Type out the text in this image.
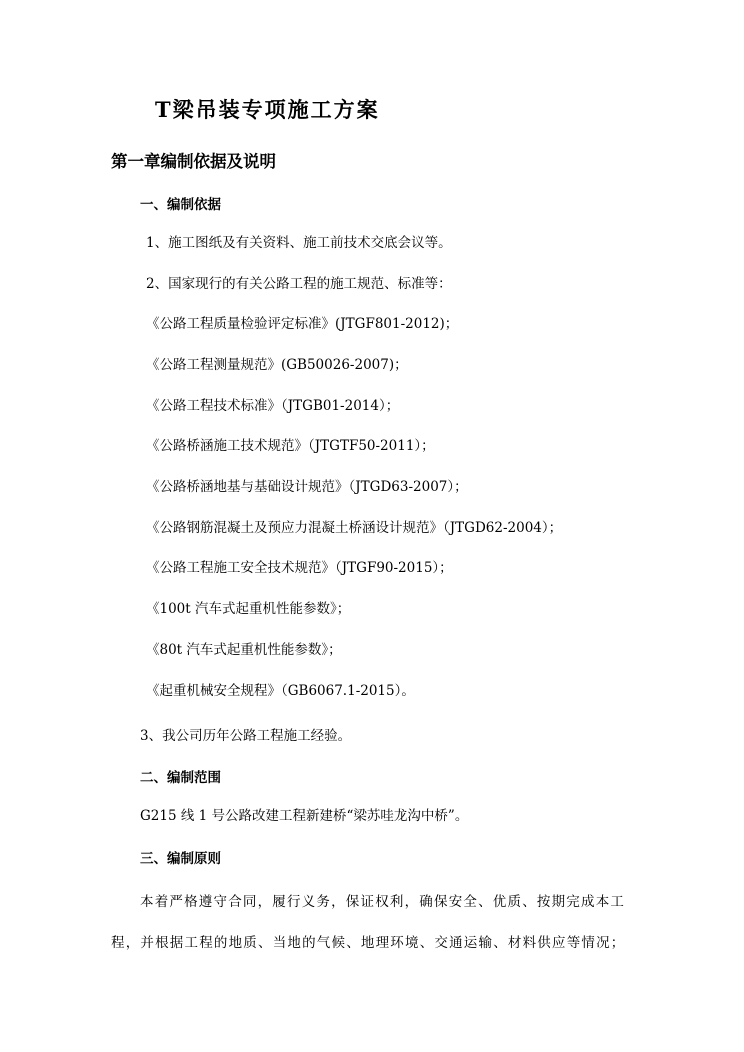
T梁吊装专项施工方案
第一章编制依据及说明
一、编制依据
1、施工图纸及有关资料、施工前技术交底会议等。
2、国家现行的有关公路工程的施工规范、标准等：
《公路工程质量检验评定标准》(JTGF801-2012)；
《公路工程测量规范》(GB50026-2007)；
《公路工程技术标准》（JTGB01-2014）；
《公路桥涵施工技术规范》（JTGTF50-2011）；
《公路桥涵地基与基础设计规范》（JTGD63-2007）；
《公路钢筋混凝土及预应力混凝土桥涵设计规范》（JTGD62-2004）；
《公路工程施工安全技术规范》（JTGF90-2015）；
《100t 汽车式起重机性能参数》；
《80t 汽车式起重机性能参数》；
《起重机械安全规程》（GB6067.1-2015）。
3、我公司历年公路工程施工经验。
二、编制范围
G215 线 1 号公路改建工程新建桥“梁苏哇龙沟中桥”。
三、编制原则
本着严格遵守合同，履行义务，保证权利，确保安全、优质、按期完成本工
程，并根据工程的地质、当地的气候、地理环境、交通运输、材料供应等情况；
